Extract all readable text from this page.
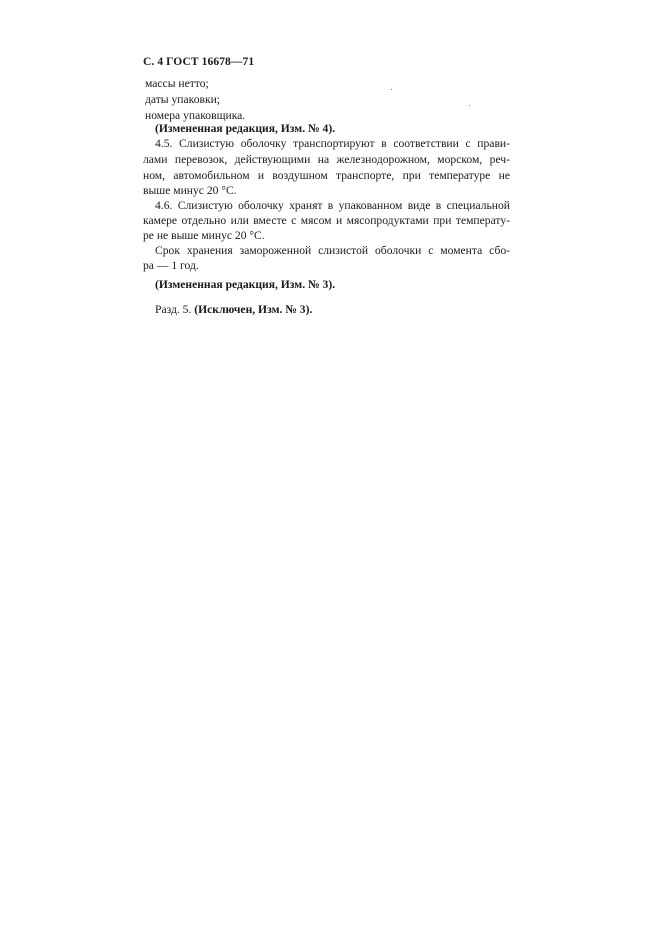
С. 4 ГОСТ 16678—71
массы нетто;
даты упаковки;
номера упаковщика.
(Измененная редакция, Изм. № 4).
4.5. Слизистую оболочку транспортируют в соответствии с прави-
лами перевозок, действующими на железнодорожном, морском, реч-
ном, автомобильном и воздушном транспорте, при температуре не
выше минус 20 °С.
4.6. Слизистую оболочку хранят в упакованном виде в специальной
камере отдельно или вместе с мясом и мясопродуктами при температу-
ре не выше минус 20 °С.
Срок хранения замороженной слизистой оболочки с момента сбо-
ра — 1 год.
(Измененная редакция, Изм. № 3).
Разд. 5. (Исключен, Изм. № 3).
